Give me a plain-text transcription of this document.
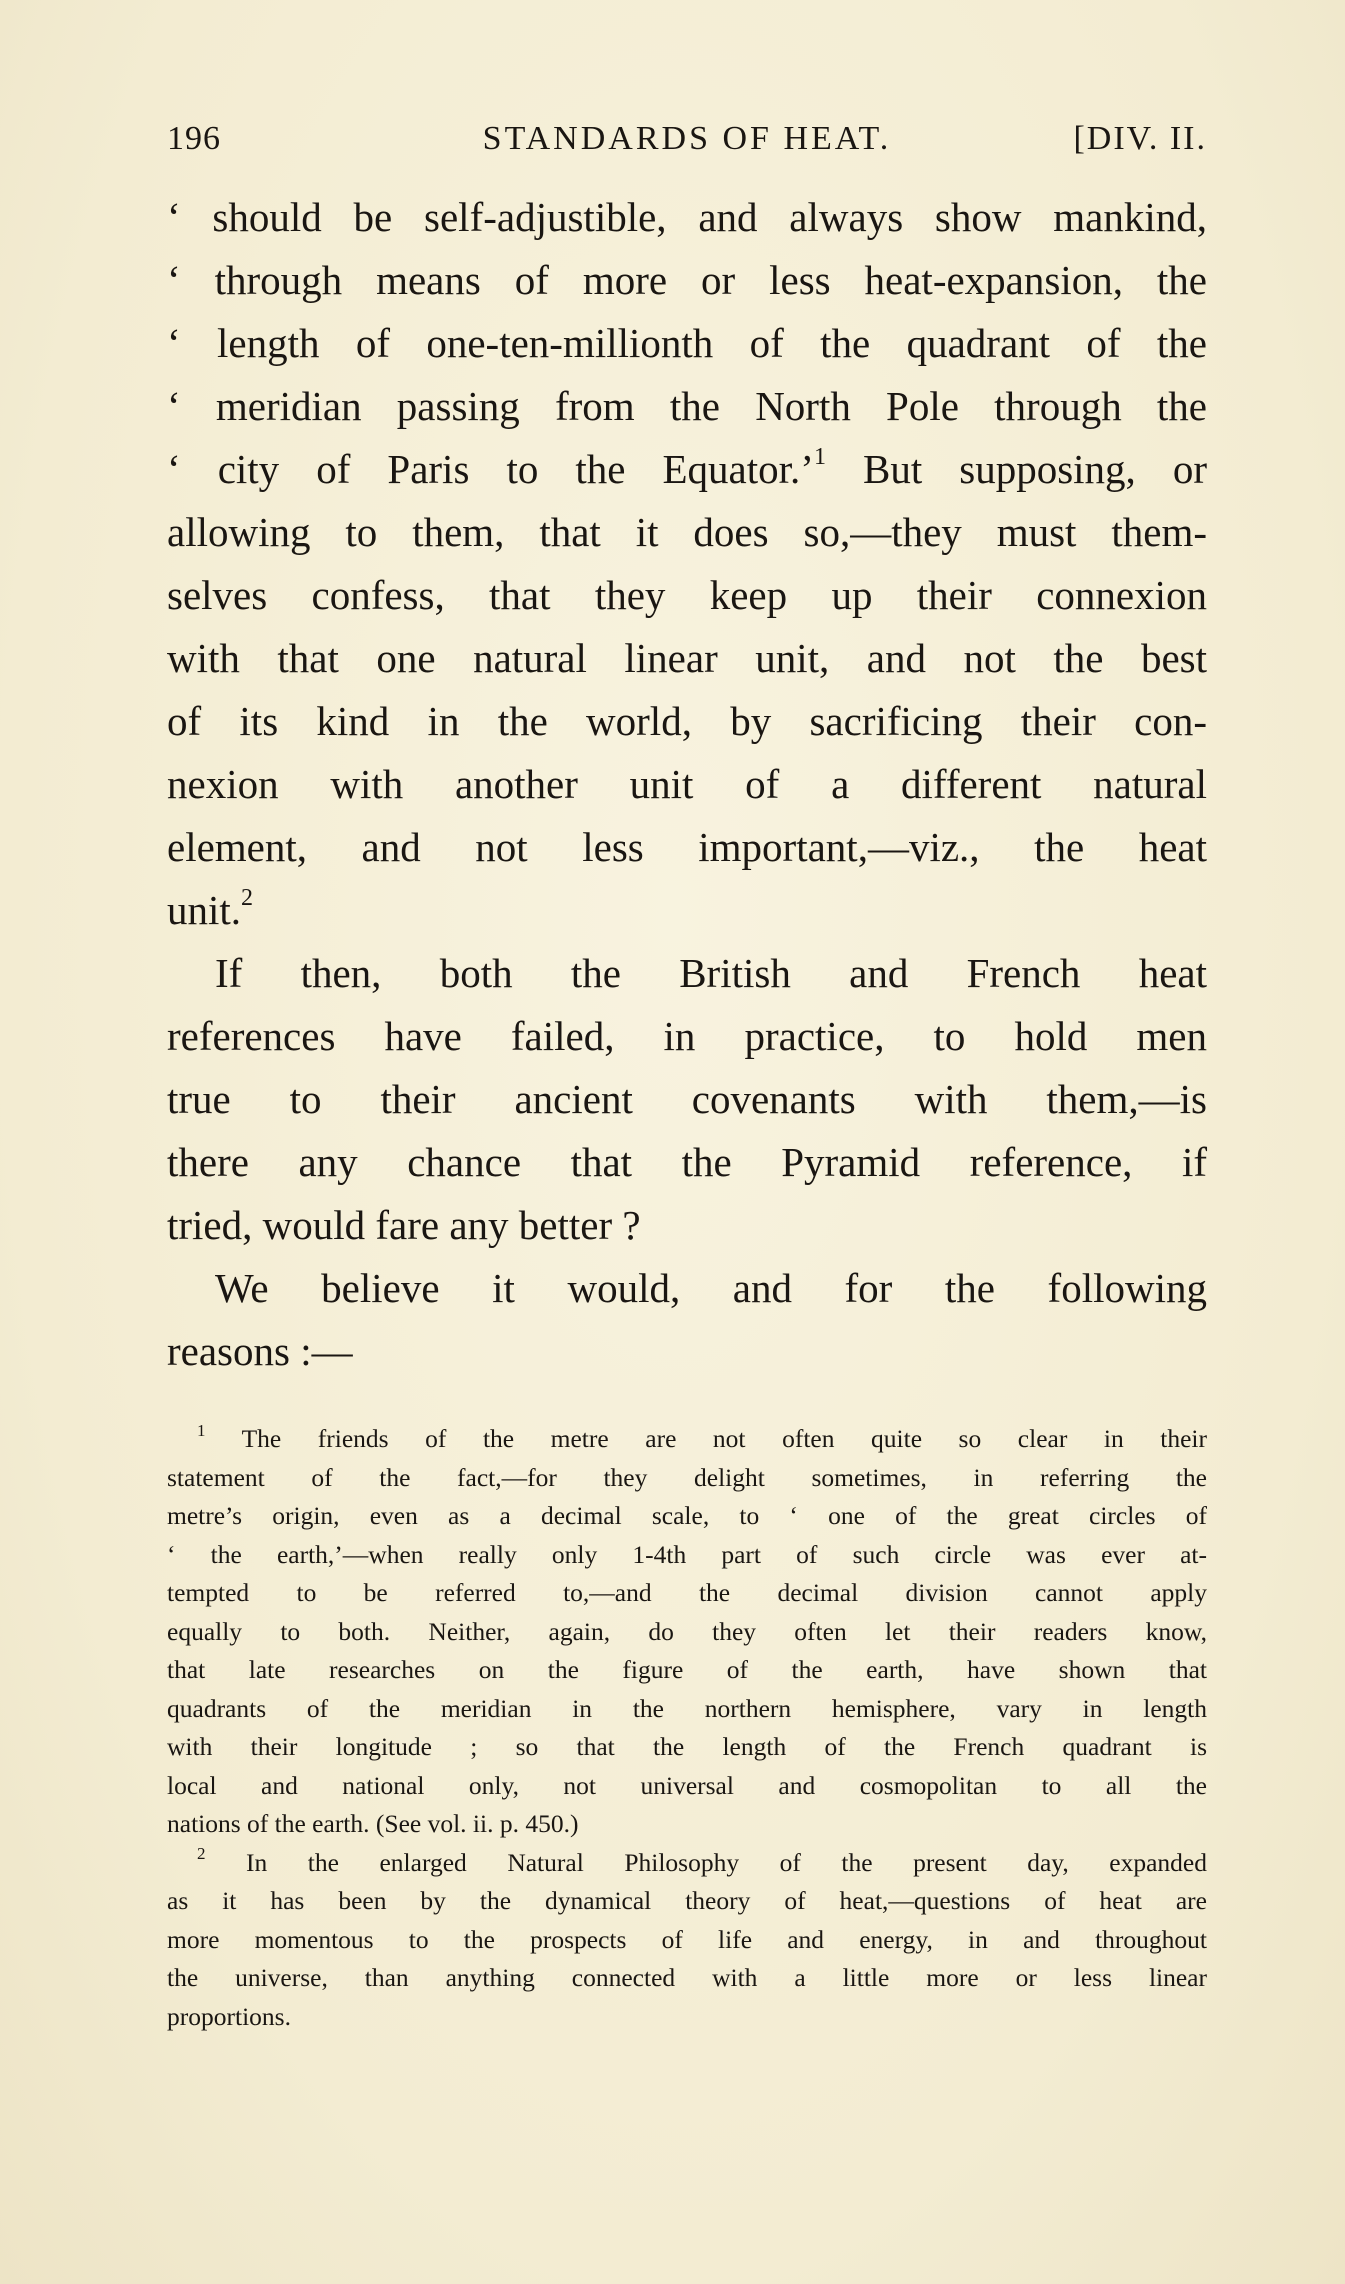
196	STANDARDS OF HEAT.	[DIV. II.
‘ should be self-adjustible, and always show mankind,
‘ through means of more or less heat-expansion, the
‘ length of one-ten-millionth of the quadrant of the
‘ meridian passing from the North Pole through the
‘ city of Paris to the Equator.’$^1$ But supposing, or
allowing to them, that it does so,—they must them-
selves confess, that they keep up their connexion
with that one natural linear unit, and not the best
of its kind in the world, by sacrificing their con-
nexion with another unit of a different natural
element, and not less important,—viz., the heat
unit.$^2$
If then, both the British and French heat
references have failed, in practice, to hold men
true to their ancient covenants with them,—is
there any chance that the Pyramid reference, if
tried, would fare any better ?
We believe it would, and for the following
reasons :—
$^1$ The friends of the metre are not often quite so clear in their
statement of the fact,—for they delight sometimes, in referring the
metre’s origin, even as a decimal scale, to ‘ one of the great circles of
‘ the earth,’—when really only 1-4th part of such circle was ever at-
tempted to be referred to,—and the decimal division cannot apply
equally to both. Neither, again, do they often let their readers know,
that late researches on the figure of the earth, have shown that
quadrants of the meridian in the northern hemisphere, vary in length
with their longitude ; so that the length of the French quadrant is
local and national only, not universal and cosmopolitan to all the
nations of the earth. (See vol. ii. p. 450.)
$^2$ In the enlarged Natural Philosophy of the present day, expanded
as it has been by the dynamical theory of heat,—questions of heat are
more momentous to the prospects of life and energy, in and throughout
the universe, than anything connected with a little more or less linear
proportions.
